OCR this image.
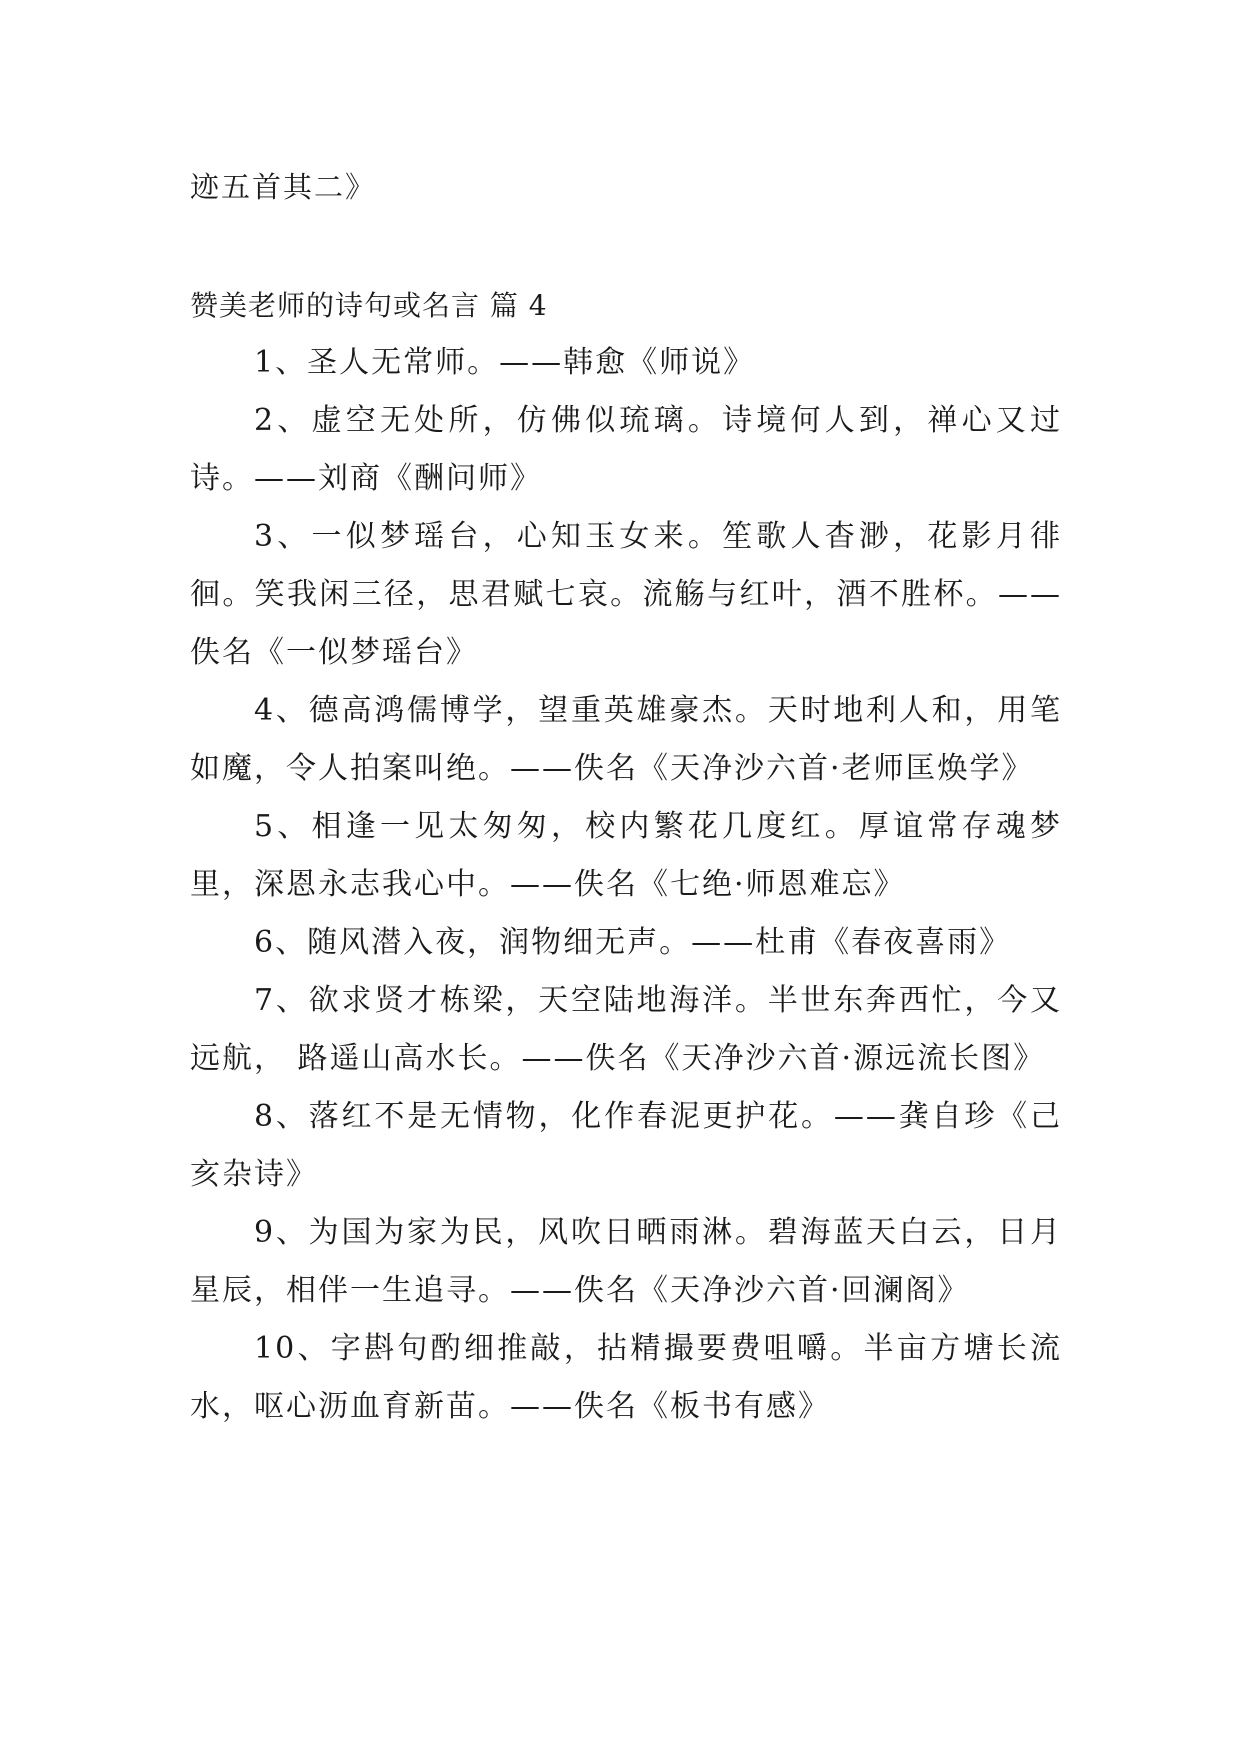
迹五首其二》
赞美老师的诗句或名言 篇 4

1、圣人无常师。——韩愈《师说》

2、虚空无处所，仿佛似琉璃。诗境何人到，禅心又过诗。——刘商《酬问师》

3、一似梦瑶台，心知玉女来。笙歌人杳渺，花影月徘徊。笑我闲三径，思君赋七哀。流觞与红叶，酒不胜杯。——佚名《一似梦瑶台》

4、德高鸿儒博学，望重英雄豪杰。天时地利人和，用笔如魔，令人拍案叫绝。——佚名《天净沙六首·老师匡焕学》

5、相逢一见太匆匆，校内繁花几度红。厚谊常存魂梦里，深恩永志我心中。——佚名《七绝·师恩难忘》

6、随风潜入夜，润物细无声。——杜甫《春夜喜雨》

7、欲求贤才栋梁，天空陆地海洋。半世东奔西忙，今又远航， 路遥山高水长。——佚名《天净沙六首·源远流长图》

8、落红不是无情物，化作春泥更护花。——龚自珍《己亥杂诗》

9、为国为家为民，风吹日晒雨淋。碧海蓝天白云，日月星辰，相伴一生追寻。——佚名《天净沙六首·回澜阁》

10、字斟句酌细推敲，拈精撮要费咀嚼。半亩方塘长流水，呕心沥血育新苗。——佚名《板书有感》
